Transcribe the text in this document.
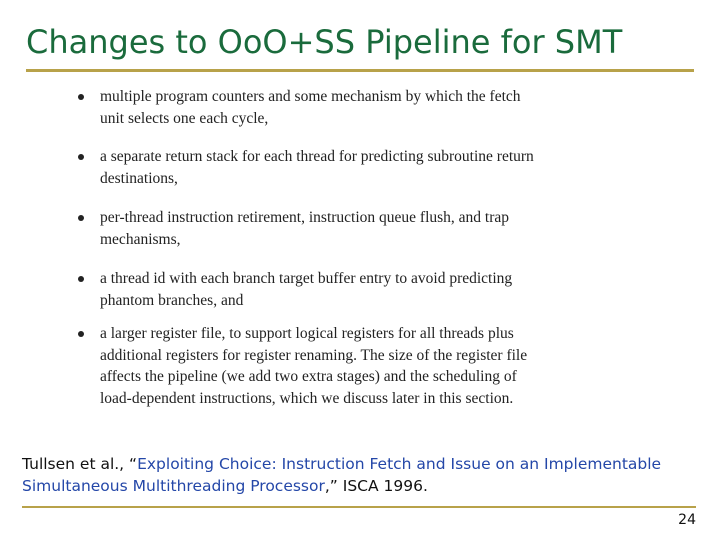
Changes to OoO+SS Pipeline for SMT
multiple program counters and some mechanism by which the fetch unit selects one each cycle,
a separate return stack for each thread for predicting subroutine return destinations,
per-thread instruction retirement, instruction queue flush, and trap mechanisms,
a thread id with each branch target buffer entry to avoid predicting phantom branches, and
a larger register file, to support logical registers for all threads plus additional registers for register renaming. The size of the register file affects the pipeline (we add two extra stages) and the scheduling of load-dependent instructions, which we discuss later in this section.
Tullsen et al., “Exploiting Choice: Instruction Fetch and Issue on an Implementable Simultaneous Multithreading Processor,” ISCA 1996.
24
